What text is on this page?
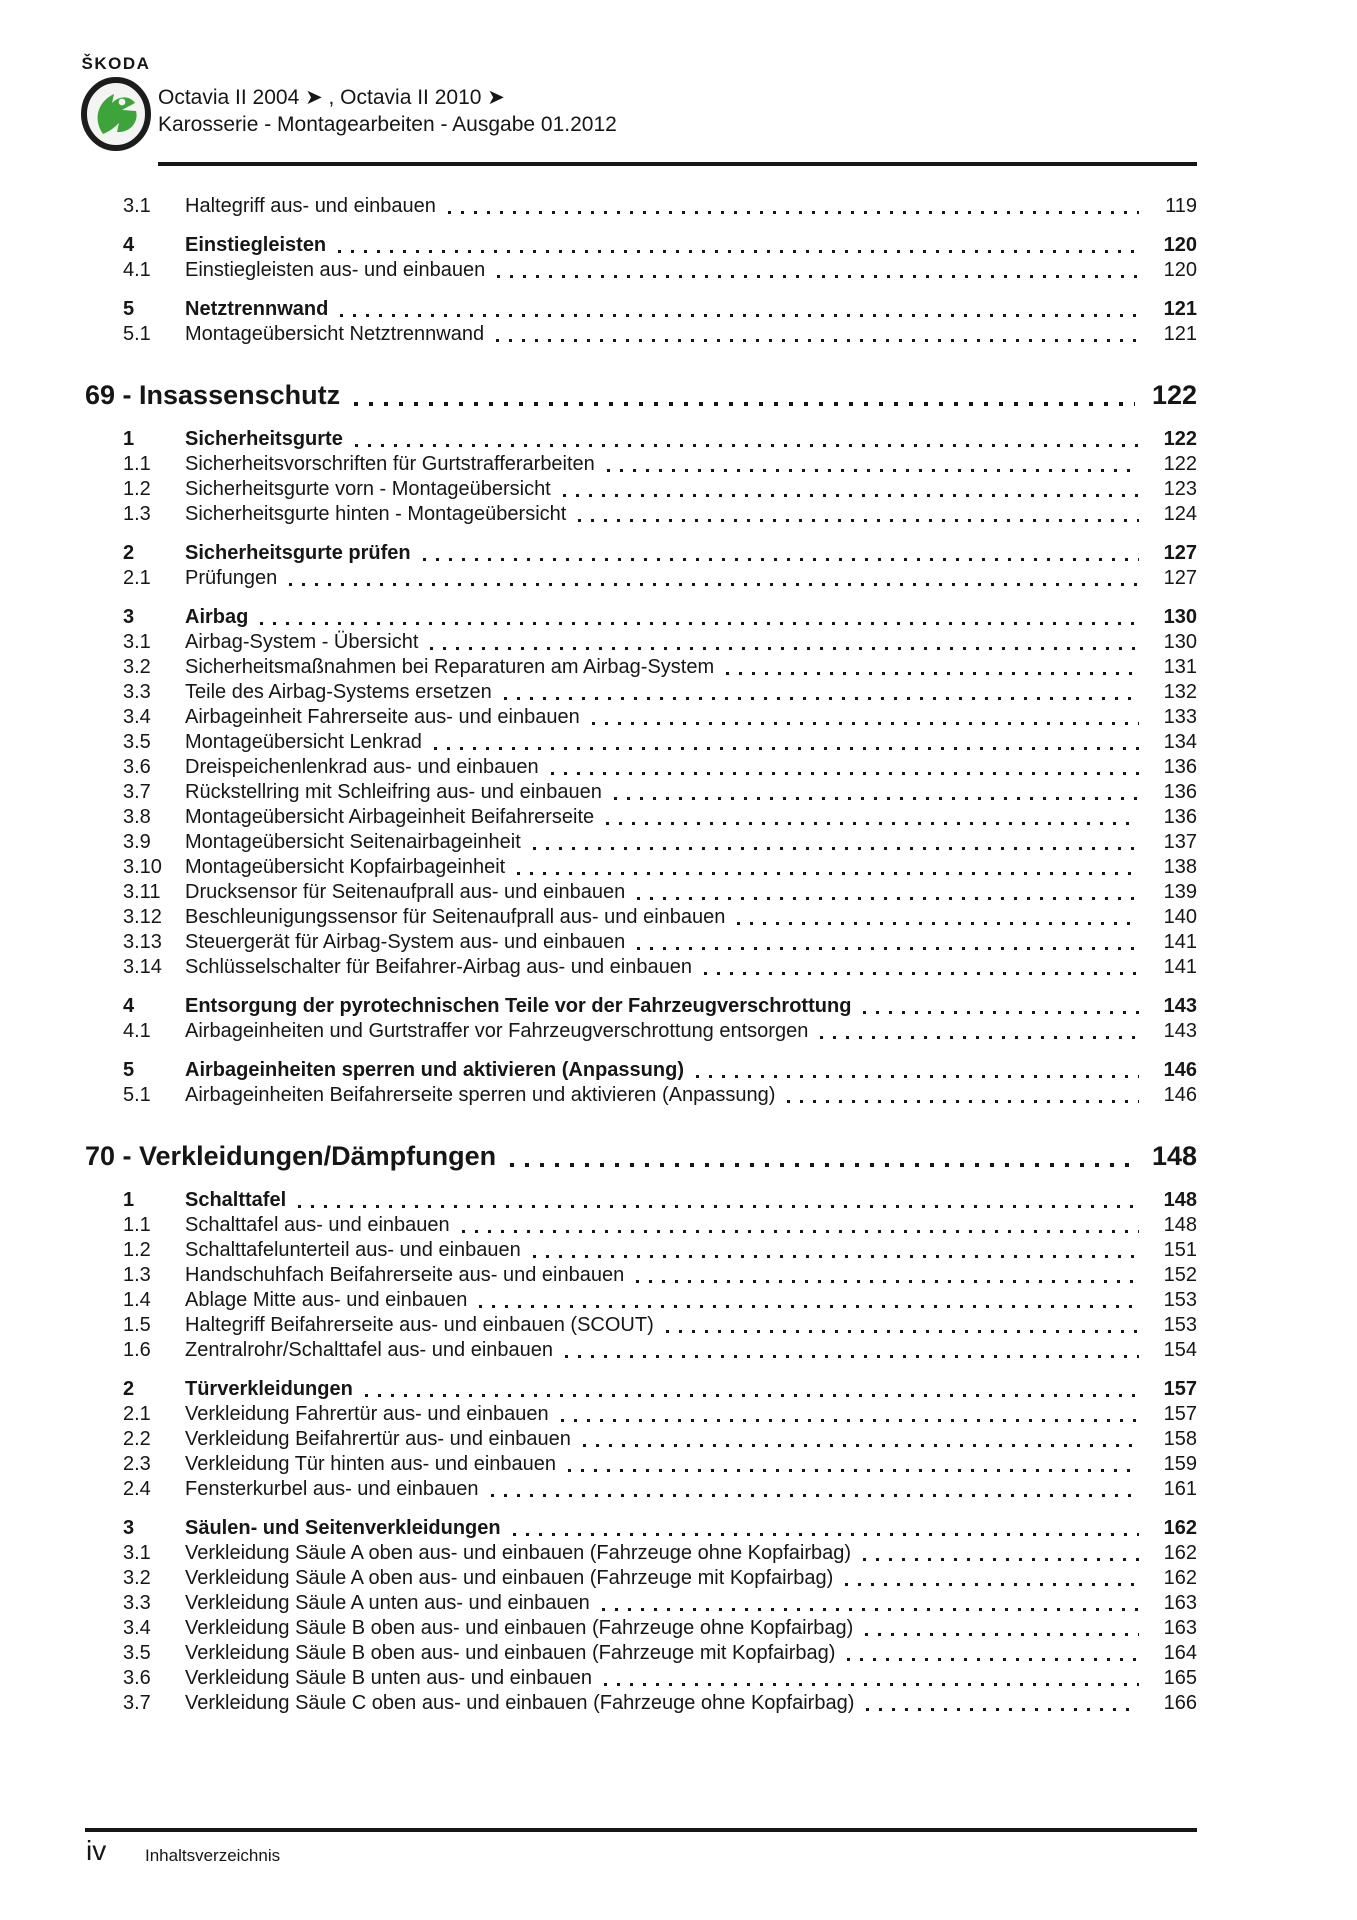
ŠKODA
Octavia II 2004 ➤ , Octavia II 2010 ➤
Karosserie - Montagearbeiten - Ausgabe 01.2012
3.1	Haltegriff aus- und einbauen	119
4	Einstiegleisten	120
4.1	Einstiegleisten aus- und einbauen	120
5	Netztrennwand	121
5.1	Montageübersicht Netztrennwand	121
69 - Insassenschutz	122
1	Sicherheitsgurte	122
1.1	Sicherheitsvorschriften für Gurtstrafferarbeiten	122
1.2	Sicherheitsgurte vorn - Montageübersicht	123
1.3	Sicherheitsgurte hinten - Montageübersicht	124
2	Sicherheitsgurte prüfen	127
2.1	Prüfungen	127
3	Airbag	130
3.1	Airbag-System - Übersicht	130
3.2	Sicherheitsmaßnahmen bei Reparaturen am Airbag-System	131
3.3	Teile des Airbag-Systems ersetzen	132
3.4	Airbageinheit Fahrerseite aus- und einbauen	133
3.5	Montageübersicht Lenkrad	134
3.6	Dreispeichenlenkrad aus- und einbauen	136
3.7	Rückstellring mit Schleifring aus- und einbauen	136
3.8	Montageübersicht Airbageinheit Beifahrerseite	136
3.9	Montageübersicht Seitenairbageinheit	137
3.10	Montageübersicht Kopfairbageinheit	138
3.11	Drucksensor für Seitenaufprall aus- und einbauen	139
3.12	Beschleunigungssensor für Seitenaufprall aus- und einbauen	140
3.13	Steuergerät für Airbag-System aus- und einbauen	141
3.14	Schlüsselschalter für Beifahrer-Airbag aus- und einbauen	141
4	Entsorgung der pyrotechnischen Teile vor der Fahrzeugverschrottung	143
4.1	Airbageinheiten und Gurtstraffer vor Fahrzeugverschrottung entsorgen	143
5	Airbageinheiten sperren und aktivieren (Anpassung)	146
5.1	Airbageinheiten Beifahrerseite sperren und aktivieren (Anpassung)	146
70 - Verkleidungen/Dämpfungen	148
1	Schalttafel	148
1.1	Schalttafel aus- und einbauen	148
1.2	Schalttafelunterteil aus- und einbauen	151
1.3	Handschuhfach Beifahrerseite aus- und einbauen	152
1.4	Ablage Mitte aus- und einbauen	153
1.5	Haltegriff Beifahrerseite aus- und einbauen (SCOUT)	153
1.6	Zentralrohr/Schalttafel aus- und einbauen	154
2	Türverkleidungen	157
2.1	Verkleidung Fahrertür aus- und einbauen	157
2.2	Verkleidung Beifahrertür aus- und einbauen	158
2.3	Verkleidung Tür hinten aus- und einbauen	159
2.4	Fensterkurbel aus- und einbauen	161
3	Säulen- und Seitenverkleidungen	162
3.1	Verkleidung Säule A oben aus- und einbauen (Fahrzeuge ohne Kopfairbag)	162
3.2	Verkleidung Säule A oben aus- und einbauen (Fahrzeuge mit Kopfairbag)	162
3.3	Verkleidung Säule A unten aus- und einbauen	163
3.4	Verkleidung Säule B oben aus- und einbauen (Fahrzeuge ohne Kopfairbag)	163
3.5	Verkleidung Säule B oben aus- und einbauen (Fahrzeuge mit Kopfairbag)	164
3.6	Verkleidung Säule B unten aus- und einbauen	165
3.7	Verkleidung Säule C oben aus- und einbauen (Fahrzeuge ohne Kopfairbag)	166
iv Inhaltsverzeichnis
